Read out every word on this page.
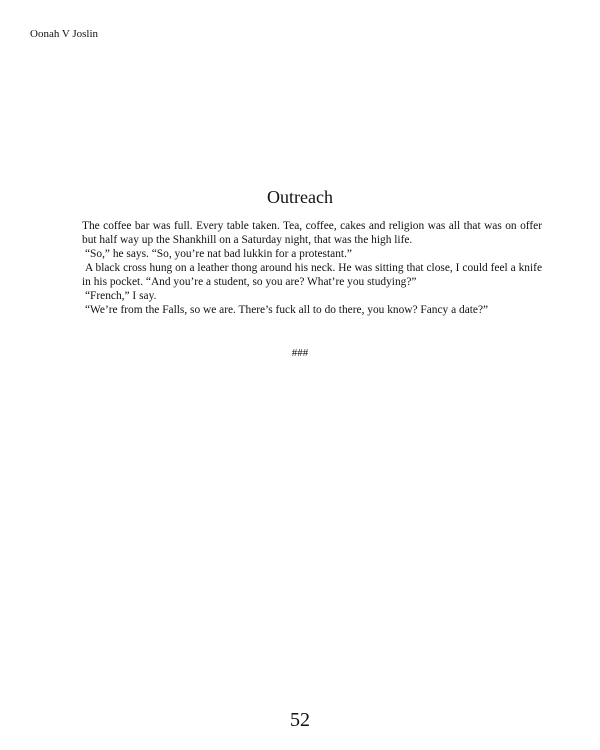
Oonah V Joslin
Outreach

The coffee bar was full. Every table taken. Tea, coffee, cakes and religion was all that was on offer but half way up the Shankhill on a Saturday night, that was the high life.

“So,” he says. “So, you’re nat bad lukkin for a protestant.”

A black cross hung on a leather thong around his neck. He was sitting that close, I could feel a knife in his pocket. “And you’re a student, so you are? What’re you studying?”

“French,” I say.

“We’re from the Falls, so we are. There’s fuck all to do there, you know? Fancy a date?”

###
52
